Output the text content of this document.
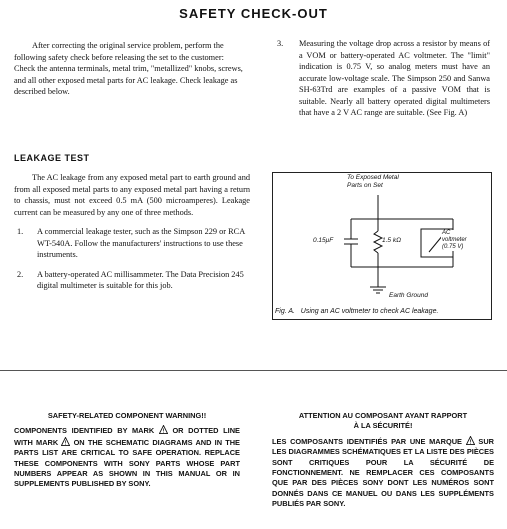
SAFETY CHECK-OUT
After correcting the original service problem, perform the following safety check before releasing the set to the customer:
Check the antenna terminals, metal trim, "metallized" knobs, screws, and all other exposed metal parts for AC leakage. Check leakage as described below.
LEAKAGE TEST
The AC leakage from any exposed metal part to earth ground and from all exposed metal parts to any exposed metal part having a return to chassis, must not exceed 0.5 mA (500 microamperes). Leakage current can be measured by any one of three methods.
1.	A commercial leakage tester, such as the Simpson 229 or RCA WT-540A. Follow the manufacturers' instructions to use these instruments.
2.	A battery-operated AC millisammeter. The Data Precision 245 digital multimeter is suitable for this job.
3.	Measuring the voltage drop across a resistor by means of a VOM or battery-operated AC voltmeter. The "limit" indication is 0.75 V, so analog meters must have an accurate low-voltage scale. The Simpson 250 and Sanwa SH-63Trd are examples of a passive VOM that is suitable. Nearly all battery operated digital multimeters that have a 2 V AC range are suitable. (See Fig. A)
To Exposed Metal
Parts on Set
0.15μF	1.5 kΩ
AC
voltmeter
(0.75 V)
Earth Ground
Fig. A.   Using an AC voltmeter to check AC leakage.
SAFETY-RELATED COMPONENT WARNING!!
COMPONENTS IDENTIFIED BY MARK ! OR DOTTED LINE WITH MARK ! ON THE SCHEMATIC DIAGRAMS AND IN THE PARTS LIST ARE CRITICAL TO SAFE OPERATION. REPLACE THESE COMPONENTS WITH SONY PARTS WHOSE PART NUMBERS APPEAR AS SHOWN IN THIS MANUAL OR IN SUPPLEMENTS PUBLISHED BY SONY.
ATTENTION AU COMPOSANT AYANT RAPPORT
À LA SÉCURITÉ!
LES COMPOSANTS IDENTIFIÉS PAR UNE MARQUE ! SUR LES DIAGRAMMES SCHÉMATIQUES ET LA LISTE DES PIÈCES SONT CRITIQUES POUR LA SÉCURITÉ DE FONCTIONNEMENT. NE REMPLACER CES COMPOSANTS QUE PAR DES PIÈCES SONY DONT LES NUMÉROS SONT DONNÉS DANS CE MANUEL OU DANS LES SUPPLÉMENTS PUBLIÉS PAR SONY.
